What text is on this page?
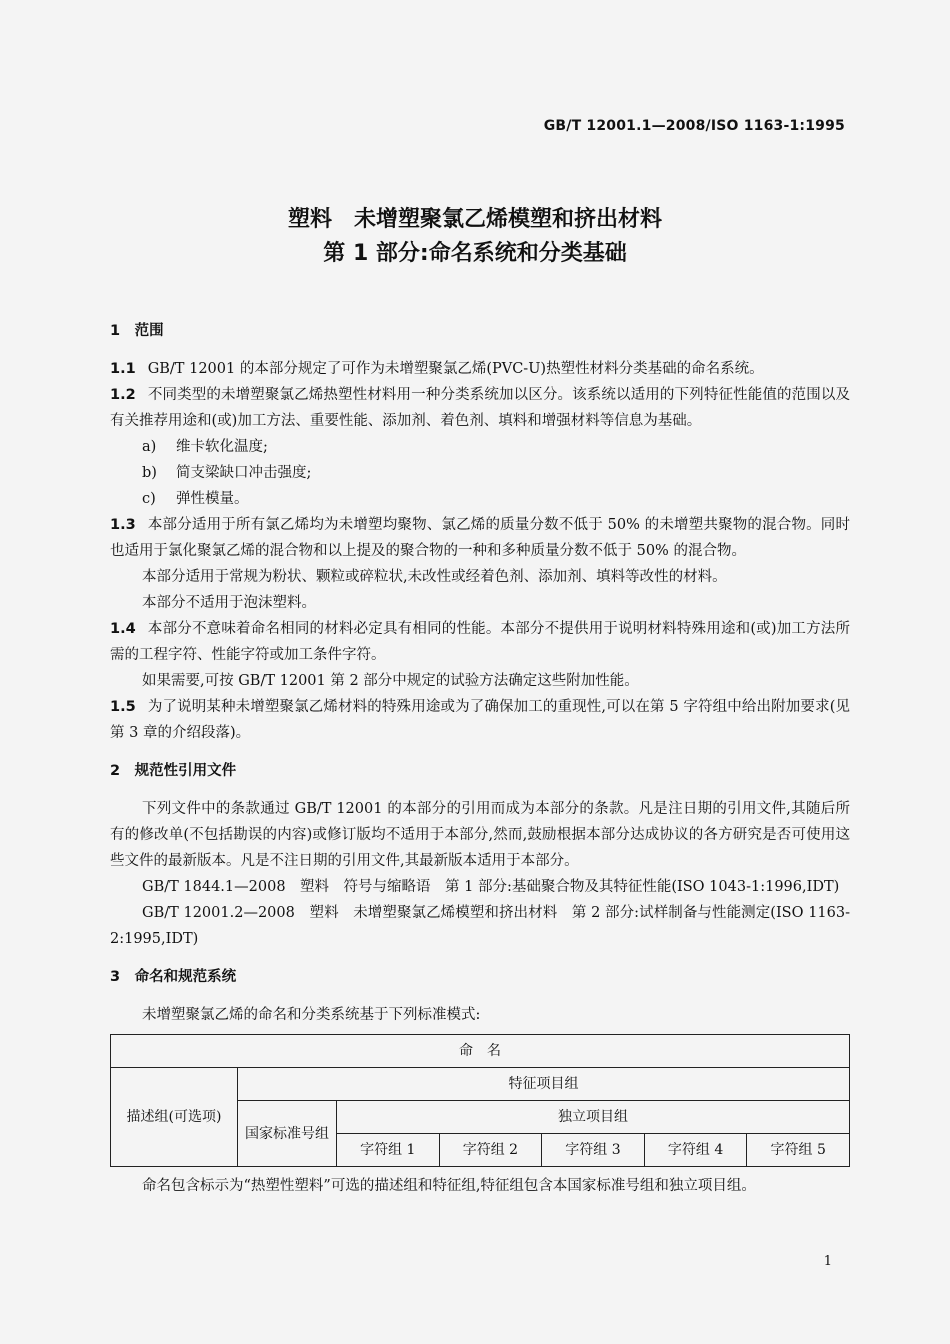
GB/T 12001.1—2008/ISO 1163-1:1995
塑料　未增塑聚氯乙烯模塑和挤出材料
第 1 部分:命名系统和分类基础
1　范围

1.1 GB/T 12001 的本部分规定了可作为未增塑聚氯乙烯(PVC-U)热塑性材料分类基础的命名系统。

1.2 不同类型的未增塑聚氯乙烯热塑性材料用一种分类系统加以区分。该系统以适用的下列特征性能值的范围以及有关推荐用途和(或)加工方法、重要性能、添加剂、着色剂、填料和增强材料等信息为基础。

a) 维卡软化温度;

b) 简支梁缺口冲击强度;

c) 弹性模量。

1.3 本部分适用于所有氯乙烯均为未增塑均聚物、氯乙烯的质量分数不低于 50% 的未增塑共聚物的混合物。同时也适用于氯化聚氯乙烯的混合物和以上提及的聚合物的一种和多种质量分数不低于 50% 的混合物。

本部分适用于常规为粉状、颗粒或碎粒状,未改性或经着色剂、添加剂、填料等改性的材料。

本部分不适用于泡沫塑料。

1.4 本部分不意味着命名相同的材料必定具有相同的性能。本部分不提供用于说明材料特殊用途和(或)加工方法所需的工程字符、性能字符或加工条件字符。

如果需要,可按 GB/T 12001 第 2 部分中规定的试验方法确定这些附加性能。

1.5 为了说明某种未增塑聚氯乙烯材料的特殊用途或为了确保加工的重现性,可以在第 5 字符组中给出附加要求(见第 3 章的介绍段落)。

2　规范性引用文件

下列文件中的条款通过 GB/T 12001 的本部分的引用而成为本部分的条款。凡是注日期的引用文件,其随后所有的修改单(不包括勘误的内容)或修订版均不适用于本部分,然而,鼓励根据本部分达成协议的各方研究是否可使用这些文件的最新版本。凡是不注日期的引用文件,其最新版本适用于本部分。

GB/T 1844.1—2008　塑料　符号与缩略语　第 1 部分:基础聚合物及其特征性能(ISO 1043-1:1996,IDT)

GB/T 12001.2—2008　塑料　未增塑聚氯乙烯模塑和挤出材料　第 2 部分:试样制备与性能测定(ISO 1163-2:1995,IDT)

3　命名和规范系统

未增塑聚氯乙烯的命名和分类系统基于下列标准模式:

命　名						
描述组(可选项)	特征项目组					
	国家标准号组	独立项目组				
		字符组 1	字符组 2	字符组 3	字符组 4	字符组 5

命名包含标示为“热塑性塑料”可选的描述组和特征组,特征组包含本国家标准号组和独立项目组。

1
